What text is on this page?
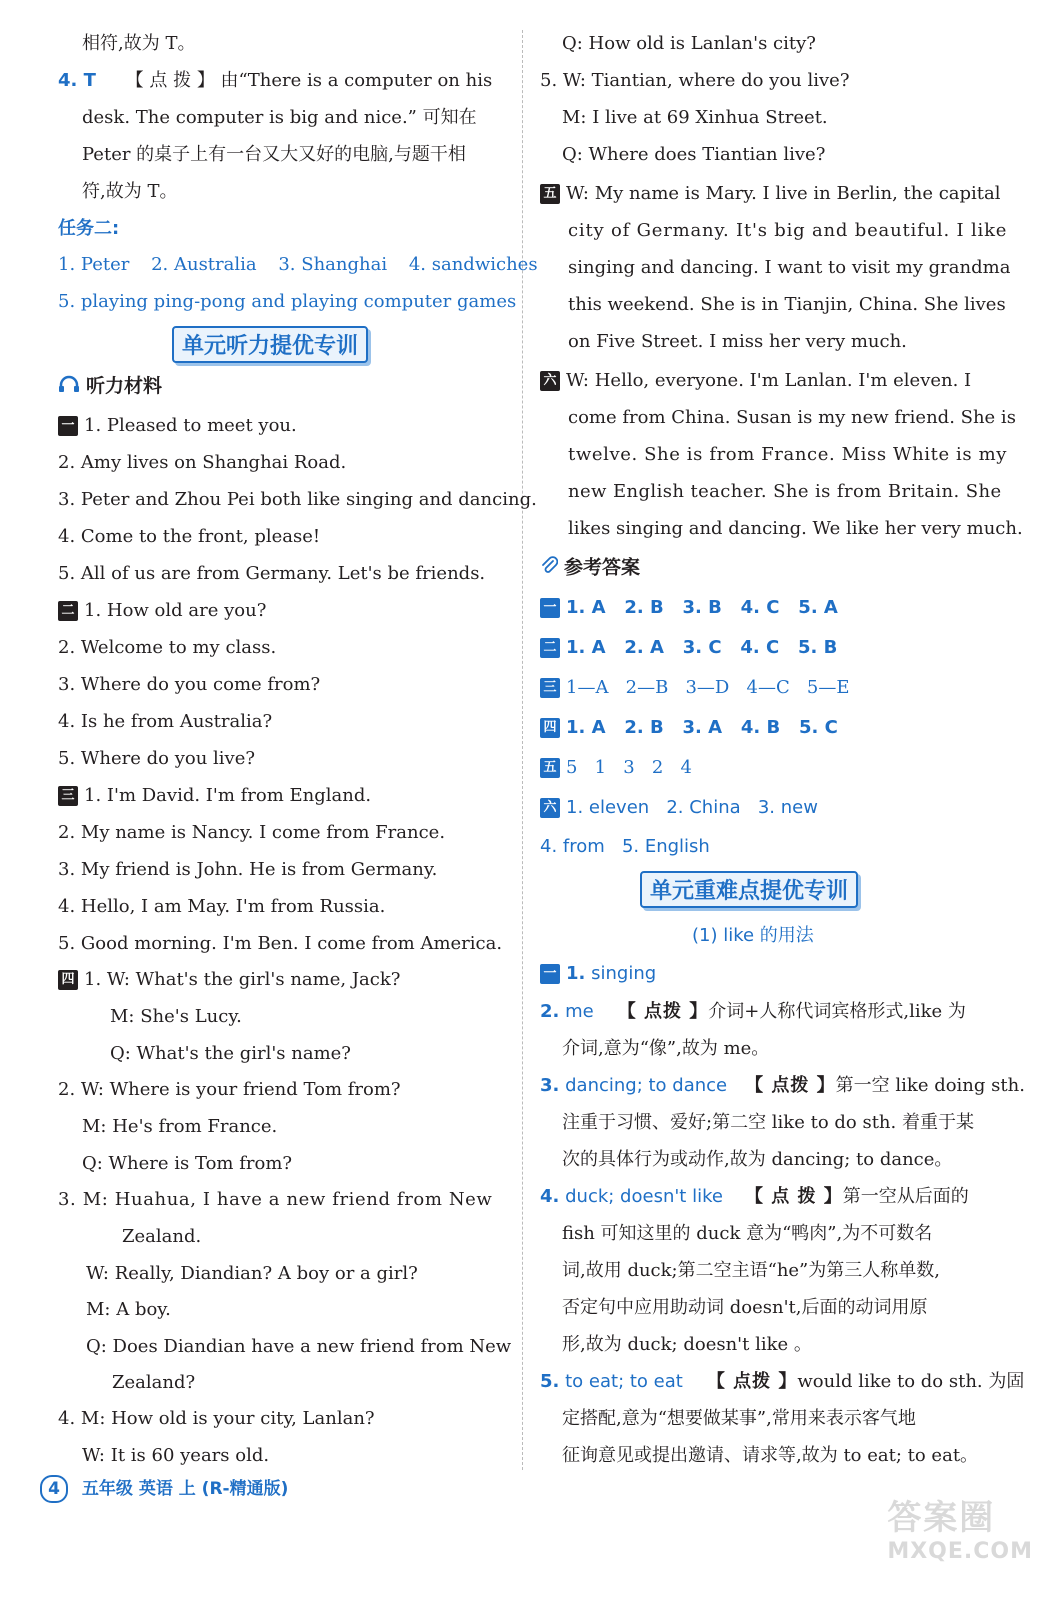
相符,故为 T。
4. T 【 点 拨 】 由“There is a computer on his
desk. The computer is big and nice.” 可知在
Peter 的桌子上有一台又大又好的电脑,与题干相
符,故为 T。
任务二:
1. Peter 2. Australia 3. Shanghai 4. sandwiches
5. playing ping-pong and playing computer games
单元听力提优专训
听力材料
一 1. Pleased to meet you.
2. Amy lives on Shanghai Road.
3. Peter and Zhou Pei both like singing and dancing.
4. Come to the front, please!
5. All of us are from Germany. Let's be friends.
二 1. How old are you?
2. Welcome to my class.
3. Where do you come from?
4. Is he from Australia?
5. Where do you live?
三 1. I'm David. I'm from England.
2. My name is Nancy. I come from France.
3. My friend is John. He is from Germany.
4. Hello, I am May. I'm from Russia.
5. Good morning. I'm Ben. I come from America.
四 1. W: What's the girl's name, Jack?
M: She's Lucy.
Q: What's the girl's name?
2. W: Where is your friend Tom from?
M: He's from France.
Q: Where is Tom from?
3. M: Huahua, I have a new friend from New
Zealand.
W: Really, Diandian? A boy or a girl?
M: A boy.
Q: Does Diandian have a new friend from New
Zealand?
4. M: How old is your city, Lanlan?
W: It is 60 years old.
Q: How old is Lanlan's city?
5. W: Tiantian, where do you live?
M: I live at 69 Xinhua Street.
Q: Where does Tiantian live?
五 W: My name is Mary. I live in Berlin, the capital
city of Germany. It's big and beautiful. I like
singing and dancing. I want to visit my grandma
this weekend. She is in Tianjin, China. She lives
on Five Street. I miss her very much.
六 W: Hello, everyone. I'm Lanlan. I'm eleven. I
come from China. Susan is my new friend. She is
twelve. She is from France. Miss White is my
new English teacher. She is from Britain. She
likes singing and dancing. We like her very much.
参考答案
一 1. A   2. B   3. B   4. C   5. A
二 1. A   2. A   3. C   4. C   5. B
三 1—A   2—B   3—D   4—C   5—E
四 1. A   2. B   3. A   4. B   5. C
五 5   1   3   2   4
六 1. eleven   2. China   3. new
4. from   5. English
单元重难点提优专训
(1) like 的用法
一 1. singing
2. me 【 点拨 】介词+人称代词宾格形式,like 为
介词,意为“像”,故为 me。
3. dancing; to dance 【 点拨 】第一空 like doing sth.
注重于习惯、爱好;第二空 like to do sth. 着重于某
次的具体行为或动作,故为 dancing; to dance。
4. duck; doesn't like 【 点 拨 】第一空从后面的
fish 可知这里的 duck 意为“鸭肉”,为不可数名
词,故用 duck;第二空主语“he”为第三人称单数,
否定句中应用助动词 doesn't,后面的动词用原
形,故为 duck; doesn't like 。
5. to eat; to eat 【 点拨 】would like to do sth. 为固
定搭配,意为“想要做某事”,常用来表示客气地
征询意见或提出邀请、请求等,故为 to eat; to eat。
4 五年级 英语 上 (R-精通版)
答案圈
MXQE.COM
